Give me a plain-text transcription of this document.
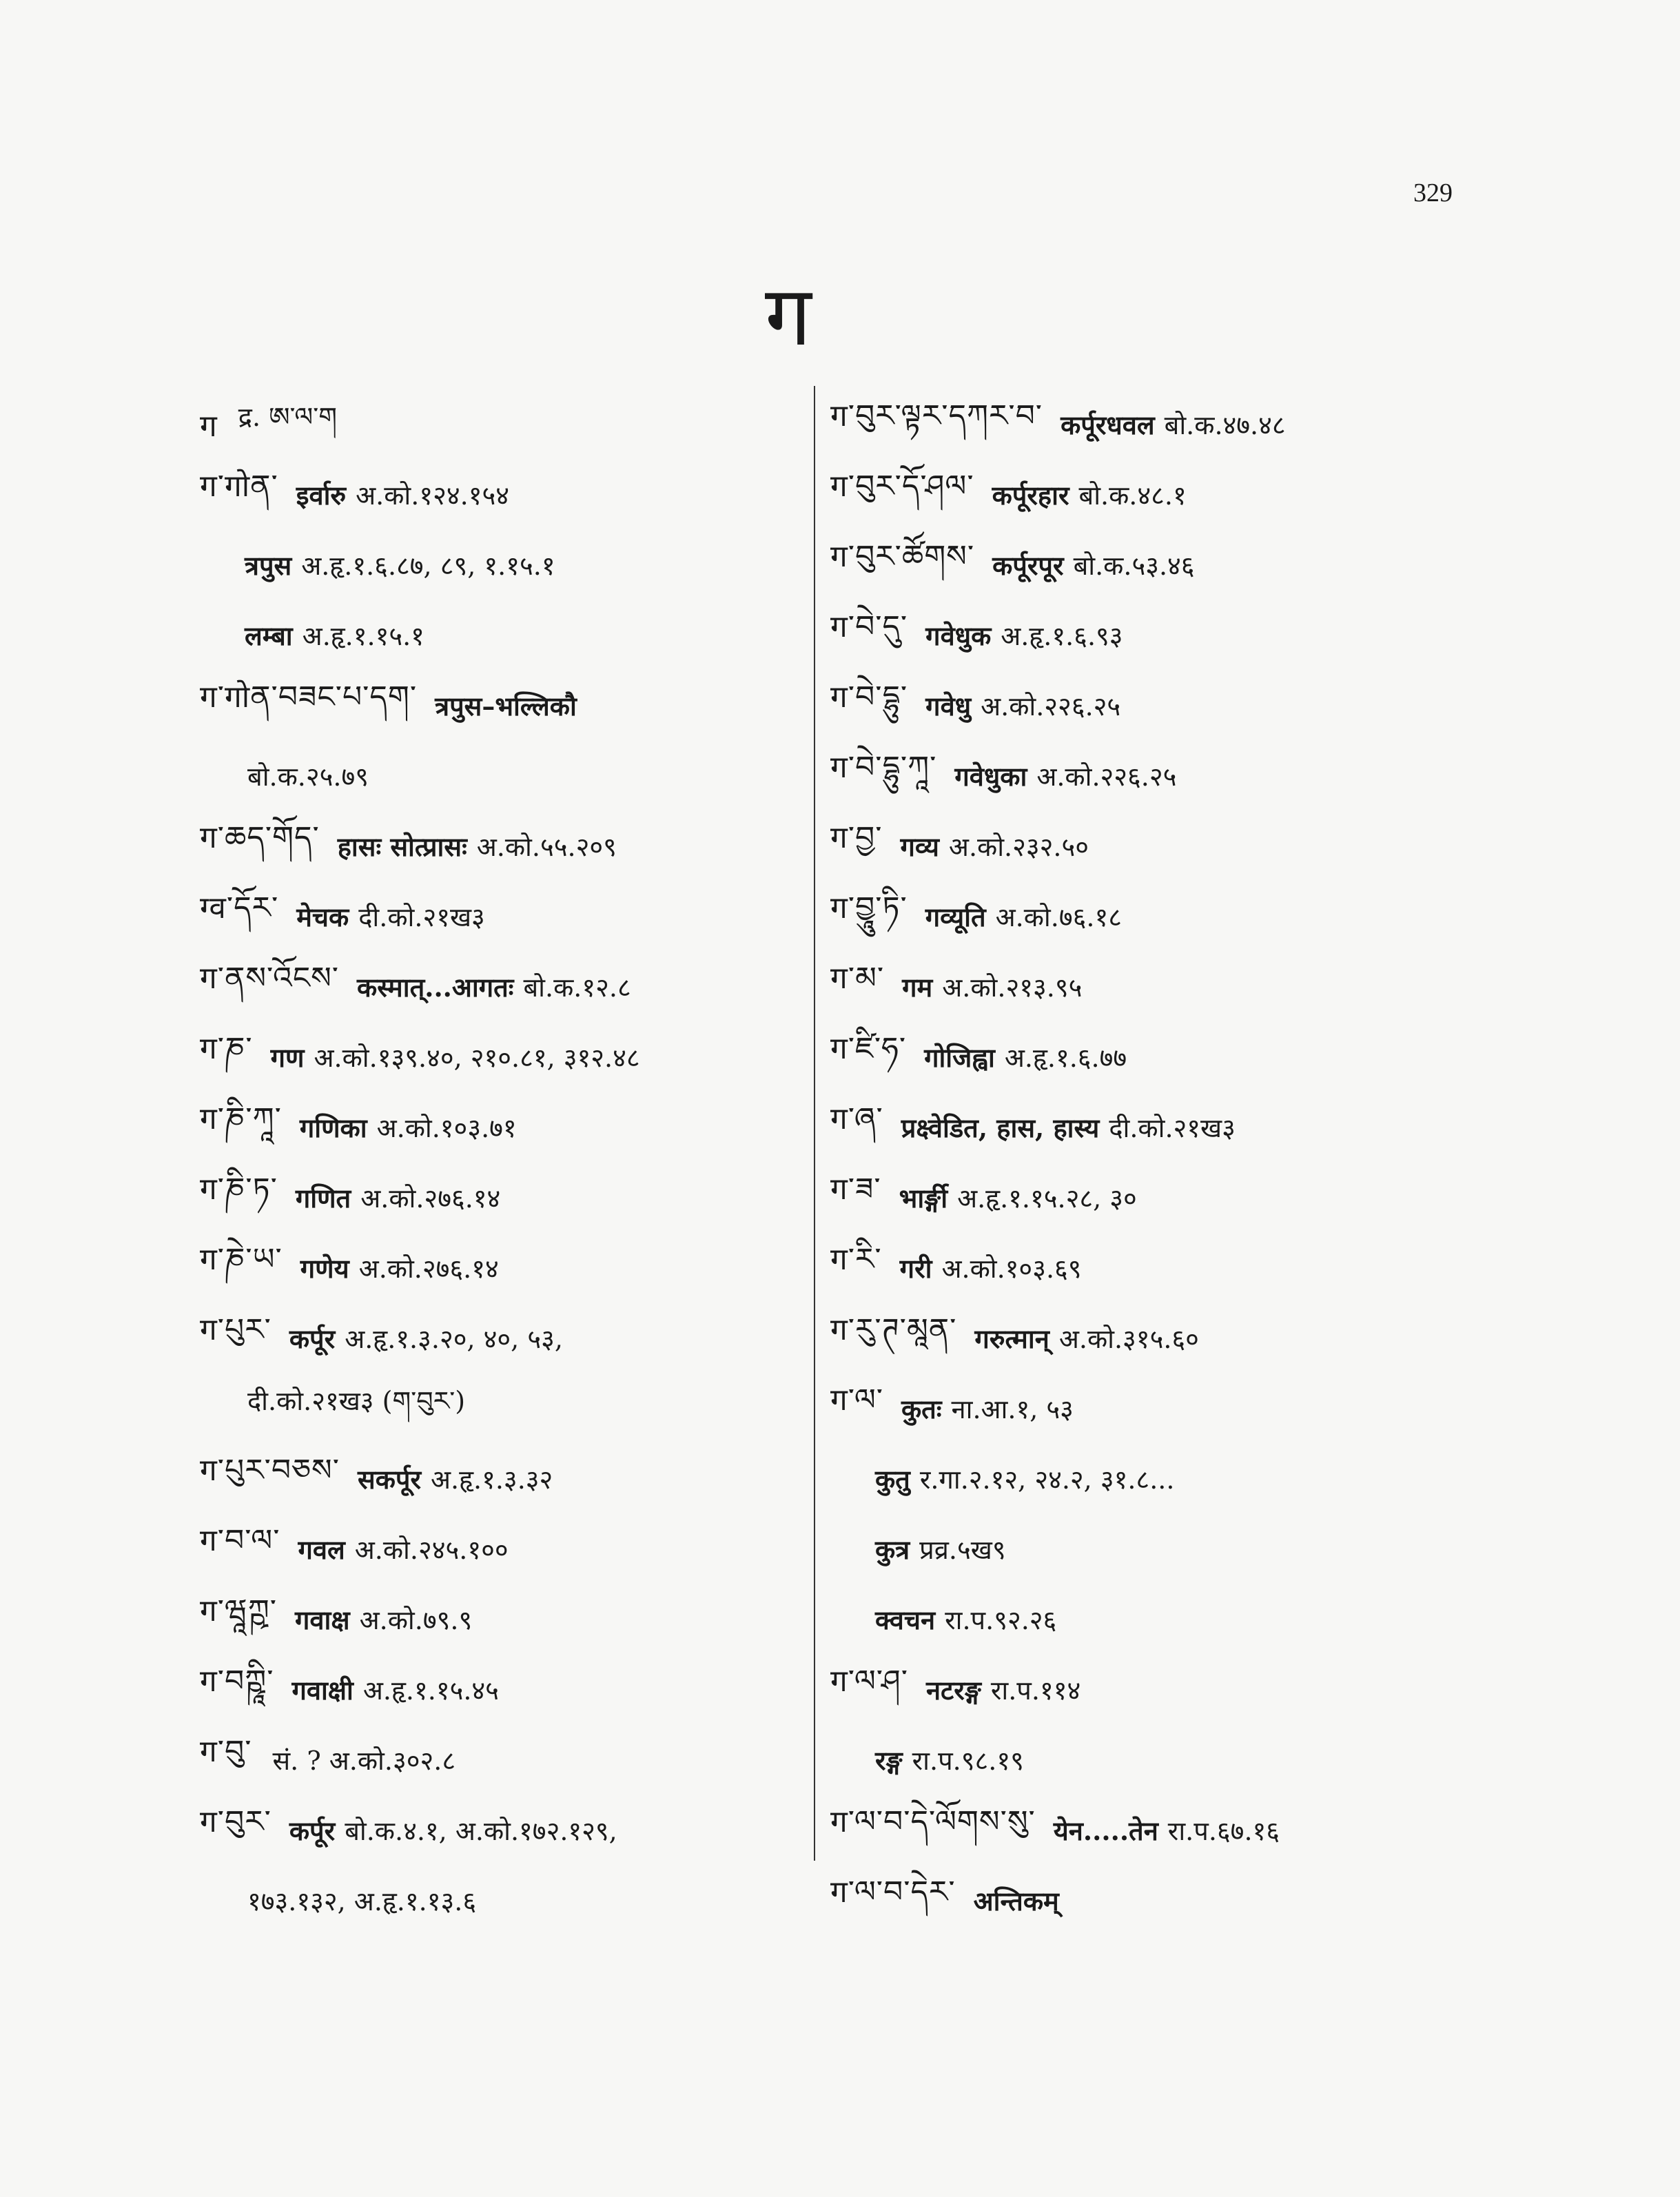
329
ग
ग द्र. ཨ་ལ་ག
ग་गोན་ इर्वारु अ.को.१२४.१५४
त्रपुस अ.हृ.१.६.८७, ८९, १.१५.१
लम्बा अ.हृ.१.१५.१
ग་गोན་བཟང་པ་དག་ त्रपुस–भल्लिकौ
बो.क.२५.७९
ग་ཆད་གོད་ हासः सोत्प्रासः अ.को.५५.२०९
ग्व་དོར་ मेचक दी.को.२१ख३
ग་ནས་འོངས་ कस्मात्...आगतः बो.क.१२.८
ग་ཎ་ गण अ.को.१३९.४०, २१०.८१, ३१२.४८
ग་ཎི་ཀཱ་ गणिका अ.को.१०३.७१
ग་ཎི་ཏ་ गणित अ.को.२७६.१४
ग་ཎེ་ཡ་ गणेय अ.को.२७६.१४
ग་པུར་ कर्पूर अ.हृ.१.३.२०, ४०, ५३,
दी.को.२१ख३ (ག་བུར་)
ग་པུར་བཅས་ सकर्पूर अ.हृ.१.३.३२
ग་བ་ལ་ गवल अ.को.२४५.१००
ग་ཝཱཀྵ་ गवाक्ष अ.को.७९.९
ग་བཀྵཱི་ गवाक्षी अ.हृ.१.१५.४५
ग་བུ་ सं. ? अ.को.३०२.८
ग་བུར་ कर्पूर बो.क.४.१, अ.को.१७२.१२९,
१७३.१३२, अ.हृ.१.१३.६
ग་བུར་ལྟར་དཀར་བ་ कर्पूरधवल बो.क.४७.४८
ग་བུར་དོ་ཤལ་ कर्पूरहार बो.क.४८.१
ग་བུར་ཚོགས་ कर्पूरपूर बो.क.५३.४६
ग་བེ་དུ་ गवेधुक अ.हृ.१.६.९३
ग་བེ་དྷུ་ गवेधु अ.को.२२६.२५
ग་བེ་དྷུ་ཀཱ་ गवेधुका अ.को.२२६.२५
ग་བྱ་ गव्य अ.को.२३२.५०
ग་བྱཱུ་ཏི་ गव्यूति अ.को.७६.१८
ग་མ་ गम अ.को.२१३.९५
ग་ཛི་ཧ་ गोजिह्वा अ.हृ.१.६.७७
ग་ཞ་ प्रक्ष्वेडित, हास, हास्य दी.को.२१ख३
ग་ཟ་ भार्ङ्गी अ.हृ.१.१५.२८, ३०
ग་རི་ गरी अ.को.१०३.६९
ग་རུ་ཊ་མཱན་ गरुत्मान् अ.को.३१५.६०
ग་ལ་ कुतः ना.आ.१, ५३
कुतु र.गा.२.१२, २४.२, ३१.८...
कुत्र प्रव्र.५ख९
क्वचन रा.प.९२.२६
ग་ལ་ཤ་ नटरङ्ग रा.प.११४
रङ्ग रा.प.९८.१९
ग་ལ་བ་དེ་ལོགས་སུ་ येन.....तेन रा.प.६७.१६
ग་ལ་བ་དེར་ अन्तिकम्
